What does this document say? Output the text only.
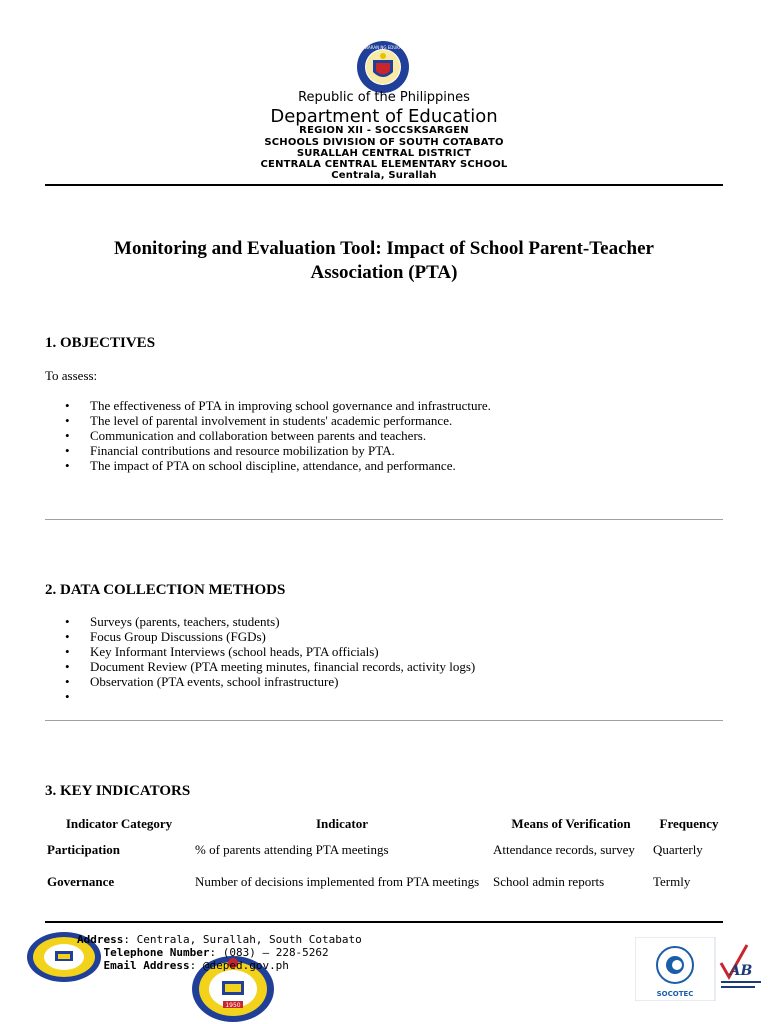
KAGAWARAN NG EDUKASYON
Republic of the Philippines
Department of Education
REGION XII - SOCCSKSARGEN
SCHOOLS DIVISION OF SOUTH COTABATO
SURALLAH CENTRAL DISTRICT
CENTRALA CENTRAL ELEMENTARY SCHOOL
Centrala, Surallah
Monitoring and Evaluation Tool: Impact of School Parent-Teacher
Association (PTA)
1. OBJECTIVES
To assess:
• The effectiveness of PTA in improving school governance and infrastructure.
• The level of parental involvement in students' academic performance.
• Communication and collaboration between parents and teachers.
• Financial contributions and resource mobilization by PTA.
• The impact of PTA on school discipline, attendance, and performance.
2. DATA COLLECTION METHODS
• Surveys (parents, teachers, students)
• Focus Group Discussions (FGDs)
• Key Informant Interviews (school heads, PTA officials)
• Document Review (PTA meeting minutes, financial records, activity logs)
• Observation (PTA events, school infrastructure)
•
3. KEY INDICATORS
Indicator Category	Indicator	Means of Verification	Frequency
Participation	% of parents attending PTA meetings	Attendance records, survey	Quarterly
Governance	Number of decisions implemented from PTA meetings	School admin reports	Termly
1950
Address: Centrala, Surallah, South Cotabato
Telephone Number: (083) – 228-5262
Email Address: @deped.gov.ph
SOCOTEC
AB
